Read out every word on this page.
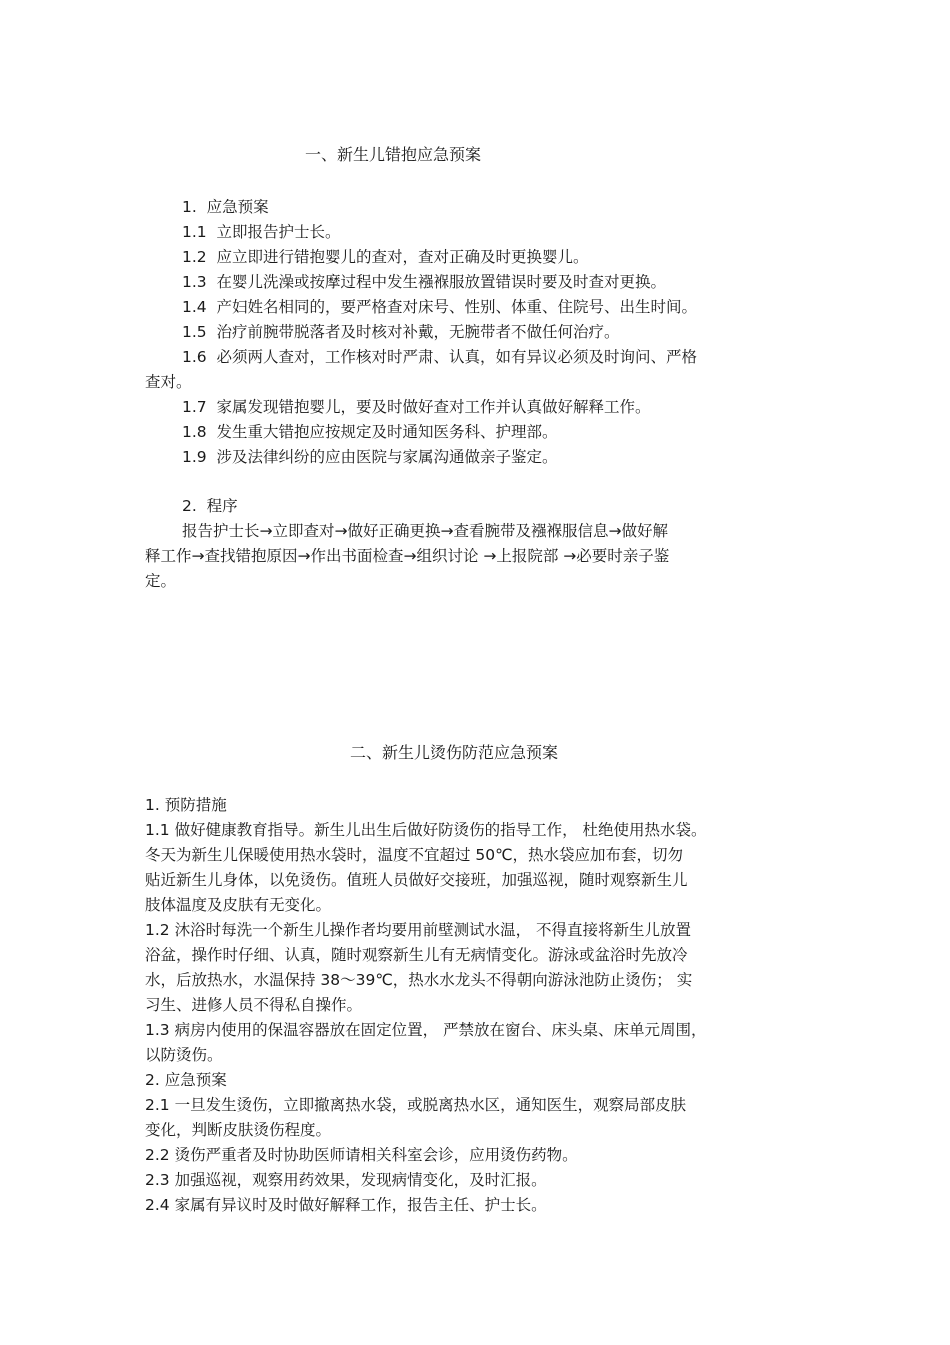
一、新生儿错抱应急预案

1.  应急预案

1.1  立即报告护士长。

1.2  应立即进行错抱婴儿的查对，查对正确及时更换婴儿。

1.3  在婴儿洗澡或按摩过程中发生襁褓服放置错误时要及时查对更换。

1.4  产妇姓名相同的，要严格查对床号、性别、体重、住院号、出生时间。

1.5  治疗前腕带脱落者及时核对补戴，无腕带者不做任何治疗。

1.6  必须两人查对，工作核对时严肃、认真，如有异议必须及时询问、严格

查对。

1.7  家属发现错抱婴儿，要及时做好查对工作并认真做好解释工作。

1.8  发生重大错抱应按规定及时通知医务科、护理部。

1.9  涉及法律纠纷的应由医院与家属沟通做亲子鉴定。

2.  程序

报告护士长→立即查对→做好正确更换→查看腕带及襁褓服信息→做好解

释工作→查找错抱原因→作出书面检查→组织讨论 →上报院部 →必要时亲子鉴

定。

二、新生儿烫伤防范应急预案

1. 预防措施

1.1 做好健康教育指导。新生儿出生后做好防烫伤的指导工作， 杜绝使用热水袋。

冬天为新生儿保暖使用热水袋时，温度不宜超过 50℃，热水袋应加布套，切勿

贴近新生儿身体，以免烫伤。值班人员做好交接班，加强巡视，随时观察新生儿

肢体温度及皮肤有无变化。

1.2 沐浴时每洗一个新生儿操作者均要用前壁测试水温， 不得直接将新生儿放置

浴盆，操作时仔细、认真，随时观察新生儿有无病情变化。游泳或盆浴时先放冷

水，后放热水，水温保持 38～39℃，热水水龙头不得朝向游泳池防止烫伤； 实

习生、进修人员不得私自操作。

1.3 病房内使用的保温容器放在固定位置， 严禁放在窗台、床头桌、床单元周围，

以防烫伤。

2. 应急预案

2.1 一旦发生烫伤，立即撤离热水袋，或脱离热水区，通知医生，观察局部皮肤

变化，判断皮肤烫伤程度。

2.2 烫伤严重者及时协助医师请相关科室会诊，应用烫伤药物。

2.3 加强巡视，观察用药效果，发现病情变化，及时汇报。

2.4 家属有异议时及时做好解释工作，报告主任、护士长。
